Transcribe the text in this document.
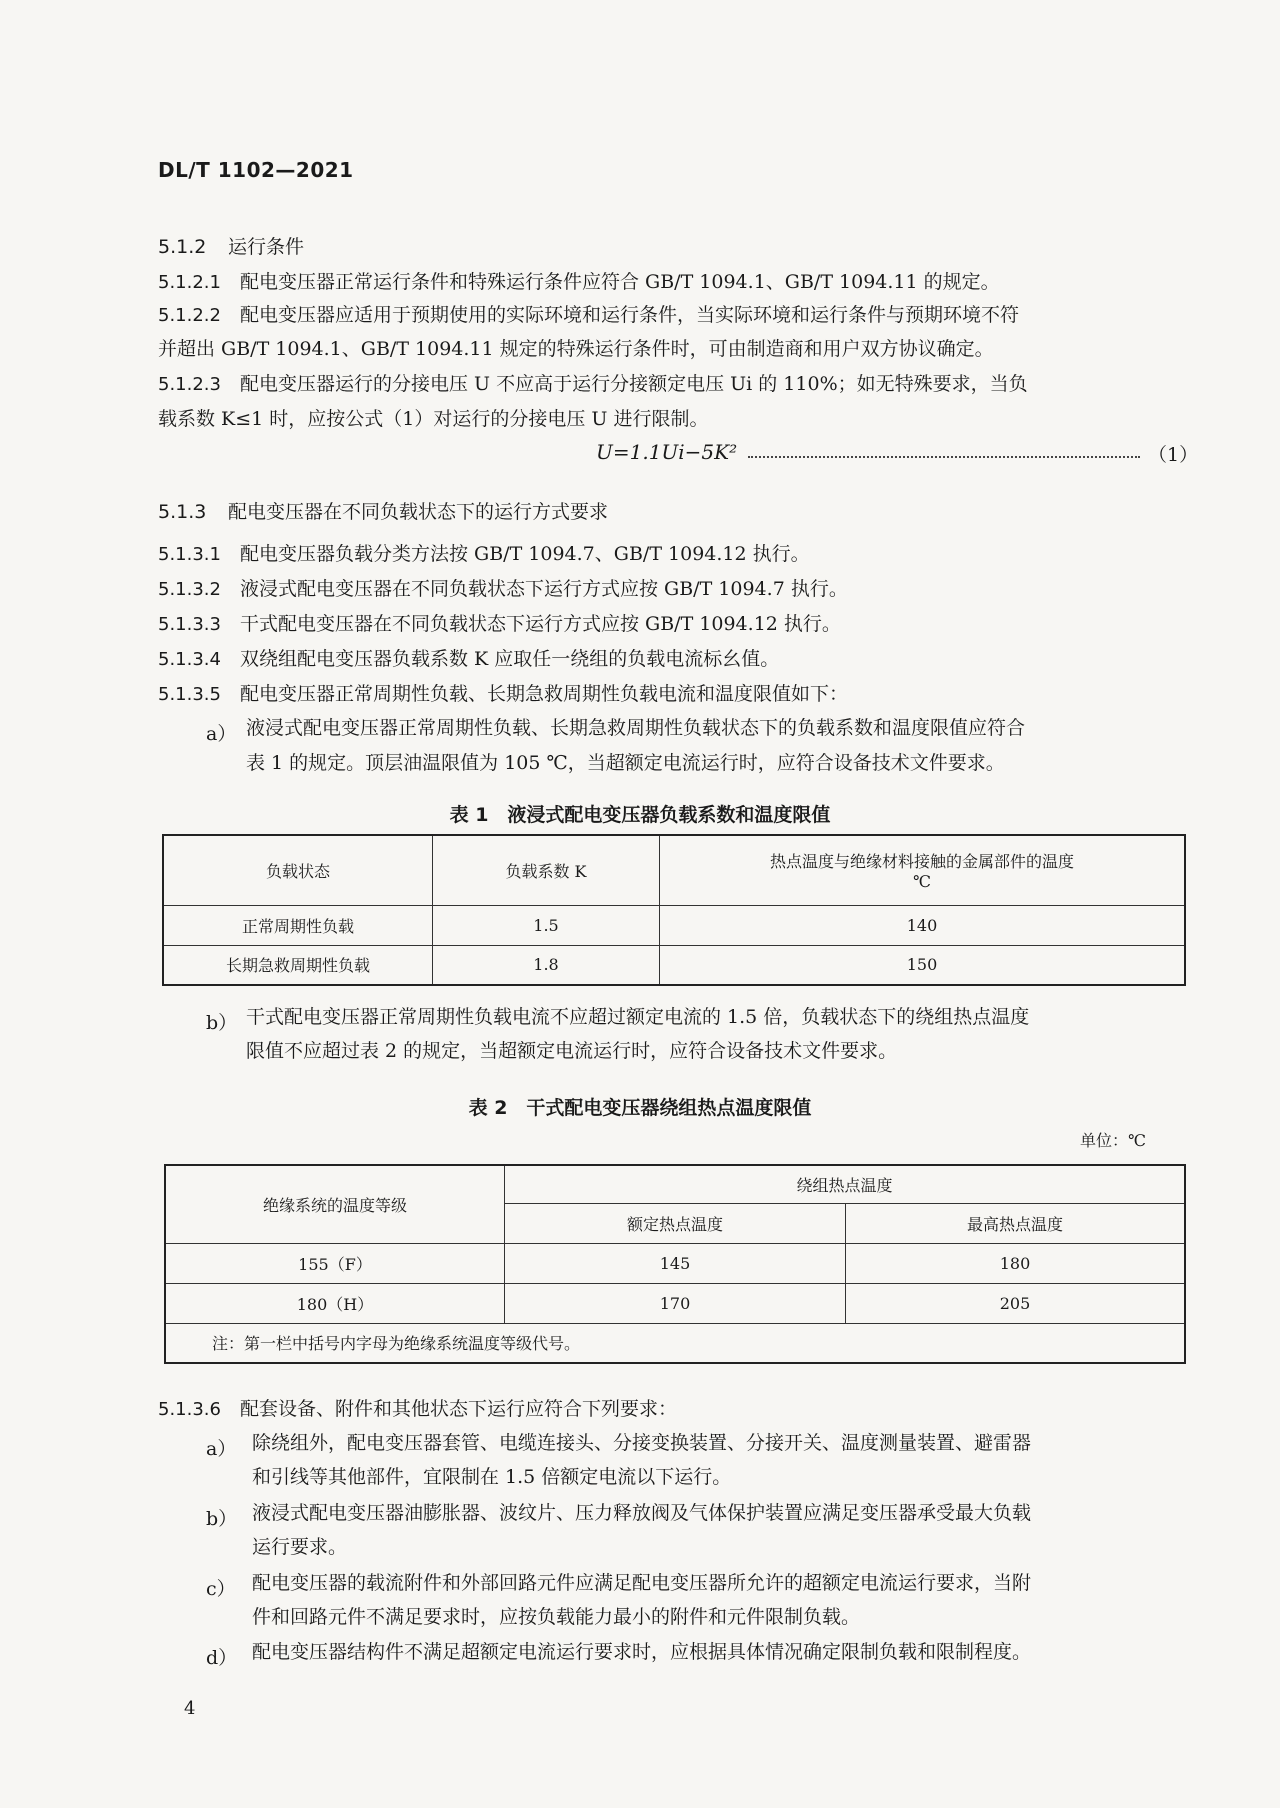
DL/T 1102—2021
5.1.2 运行条件
5.1.2.1　 配电变压器正常运行条件和特殊运行条件应符合 GB/T 1094.1、GB/T 1094.11 的规定。
5.1.2.2　 配电变压器应适用于预期使用的实际环境和运行条件，当实际环境和运行条件与预期环境不符
并超出 GB/T 1094.1、GB/T 1094.11 规定的特殊运行条件时，可由制造商和用户双方协议确定。
5.1.2.3　 配电变压器运行的分接电压 U 不应高于运行分接额定电压 Ui 的 110%；如无特殊要求，当负
载系数 K≤1 时，应按公式（1）对运行的分接电压 U 进行限制。
U=1.1Ui−5K²	（1）
5.1.3 配电变压器在不同负载状态下的运行方式要求
5.1.3.1　 配电变压器负载分类方法按 GB/T 1094.7、GB/T 1094.12 执行。
5.1.3.2　 液浸式配电变压器在不同负载状态下运行方式应按 GB/T 1094.7 执行。
5.1.3.3　 干式配电变压器在不同负载状态下运行方式应按 GB/T 1094.12 执行。
5.1.3.4　 双绕组配电变压器负载系数 K 应取任一绕组的负载电流标幺值。
5.1.3.5　 配电变压器正常周期性负载、长期急救周期性负载电流和温度限值如下：
a） 液浸式配电变压器正常周期性负载、长期急救周期性负载状态下的负载系数和温度限值应符合
表 1 的规定。顶层油温限值为 105 ℃，当超额定电流运行时，应符合设备技术文件要求。
表 1　液浸式配电变压器负载系数和温度限值
负载状态	负载系数 K	热点温度与绝缘材料接触的金属部件的温度
℃

正常周期性负载	1.5	140
长期急救周期性负载	1.8	150
b） 干式配电变压器正常周期性负载电流不应超过额定电流的 1.5 倍，负载状态下的绕组热点温度
限值不应超过表 2 的规定，当超额定电流运行时，应符合设备技术文件要求。
表 2　干式配电变压器绕组热点温度限值
单位：℃
绝缘系统的温度等级	绕组热点温度	
	额定热点温度	最高热点温度
155（F）	145	180
180（H）	170	205
注：第一栏中括号内字母为绝缘系统温度等级代号。		
5.1.3.6　 配套设备、附件和其他状态下运行应符合下列要求：
a） 除绕组外，配电变压器套管、电缆连接头、分接变换装置、分接开关、温度测量装置、避雷器
和引线等其他部件，宜限制在 1.5 倍额定电流以下运行。
b） 液浸式配电变压器油膨胀器、波纹片、压力释放阀及气体保护装置应满足变压器承受最大负载
运行要求。
c） 配电变压器的载流附件和外部回路元件应满足配电变压器所允许的超额定电流运行要求，当附
件和回路元件不满足要求时，应按负载能力最小的附件和元件限制负载。
d） 配电变压器结构件不满足超额定电流运行要求时，应根据具体情况确定限制负载和限制程度。
4
